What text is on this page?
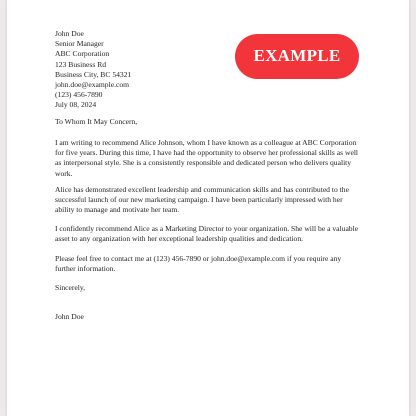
John Doe
Senior Manager
ABC Corporation
123 Business Rd
Business City, BC 54321
john.doe@example.com
(123) 456-7890
July 08, 2024
EXAMPLE
To Whom It May Concern,
I am writing to recommend Alice Johnson, whom I have known as a colleague at ABC Corporation for five years. During this time, I have had the opportunity to observe her professional skills as well as interpersonal style. She is a consistently responsible and dedicated person who delivers quality work.
Alice has demonstrated excellent leadership and communication skills and has contributed to the successful launch of our new marketing campaign. I have been particularly impressed with her ability to manage and motivate her team.
I confidently recommend Alice as a Marketing Director to your organization. She will be a valuable asset to any organization with her exceptional leadership qualities and dedication.
Please feel free to contact me at (123) 456-7890 or john.doe@example.com if you require any further information.
Sincerely,
John Doe
